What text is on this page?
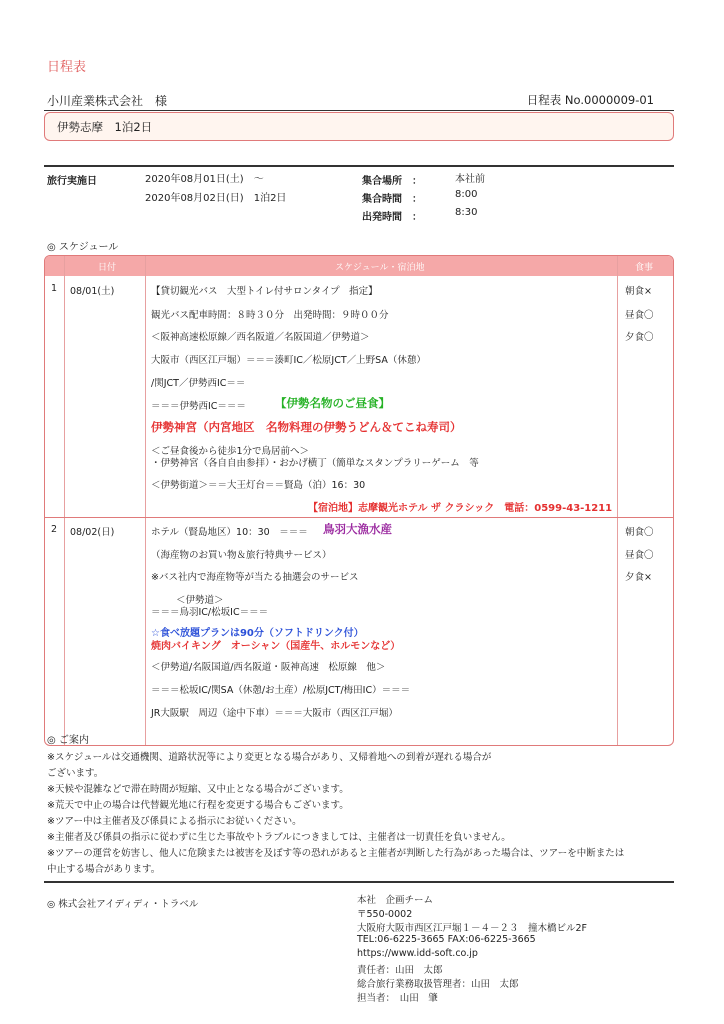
日程表
小川産業株式会社　様	日程表 No.0000009-01
伊勢志摩　1泊2日
旅行実施日	2020年08月01日(土)　～
2020年08月02日(日)　1泊2日
集合場所　：	本社前
集合時間　：	8:00
出発時間　：	8:30
◎ スケジュール
日付	スケジュール・宿泊地	食事
1 08/01(土)	【貸切観光バス　大型トイレ付サロンタイプ　指定】
観光バス配車時間：８時３０分　出発時間：９時００分
＜阪神高速松原線／西名阪道／名阪国道／伊勢道＞
大阪市（西区江戸堀）＝＝＝湊町IC／松原JCT／上野SA（休憩）
/関JCT／伊勢西IC＝＝
＝＝＝伊勢西IC＝＝＝	【伊勢名物のご昼食】
伊勢神宮（内宮地区　名物料理の伊勢うどん＆てこね寿司）
＜ご昼食後から徒歩1分で鳥居前へ＞
・伊勢神宮（各自自由参拝）・おかげ横丁（簡単なスタンプラリーゲーム　等
＜伊勢街道＞＝＝大王灯台＝＝賢島（泊）16：30
【宿泊地】志摩観光ホテル ザ クラシック　電話：0599-43-1211
朝食×
昼食〇
夕食〇
2 08/02(日)	ホテル（賢島地区）10：30　＝＝＝ 鳥羽大漁水産
（海産物のお買い物＆旅行特典サービス）
※バス社内で海産物等が当たる抽選会のサービス
＜伊勢道＞
＝＝＝鳥羽IC/松坂IC＝＝＝
☆食べ放題プランは90分（ソフトドリンク付）
焼肉バイキング　オーシャン（国産牛、ホルモンなど）
＜伊勢道/名阪国道/西名阪道・阪神高速　松原線　他＞
＝＝＝松坂IC/関SA（休憩/お土産）/松原JCT/梅田IC）＝＝＝
JR大阪駅　周辺（途中下車）＝＝＝大阪市（西区江戸堀）
朝食〇
昼食〇
夕食×
◎ ご案内
※スケジュールは交通機関、道路状況等により変更となる場合があり、又帰着地への到着が遅れる場合が
ございます。
※天候や混雑などで滞在時間が短縮、又中止となる場合がございます。
※荒天で中止の場合は代替観光地に行程を変更する場合もございます。
※ツアー中は主催者及び係員による指示にお従いください。
※主催者及び係員の指示に従わずに生じた事故やトラブルにつきましては、主催者は一切責任を負いません。
※ツアーの運営を妨害し、他人に危険または被害を及ぼす等の恐れがあると主催者が判断した行為があった場合は、ツアーを中断または
中止する場合があります。
◎ 株式会社アイディディ・トラベル	本社　企画チーム
〒550-0002
大阪府大阪市西区江戸堀１－４－２３　撞木橋ビル2F
TEL:06-6225-3665 FAX:06-6225-3665
https://www.idd-soft.co.jp
責任者：山田　太郎
総合旅行業務取扱管理者：山田　太郎
担当者：　山田　肇
